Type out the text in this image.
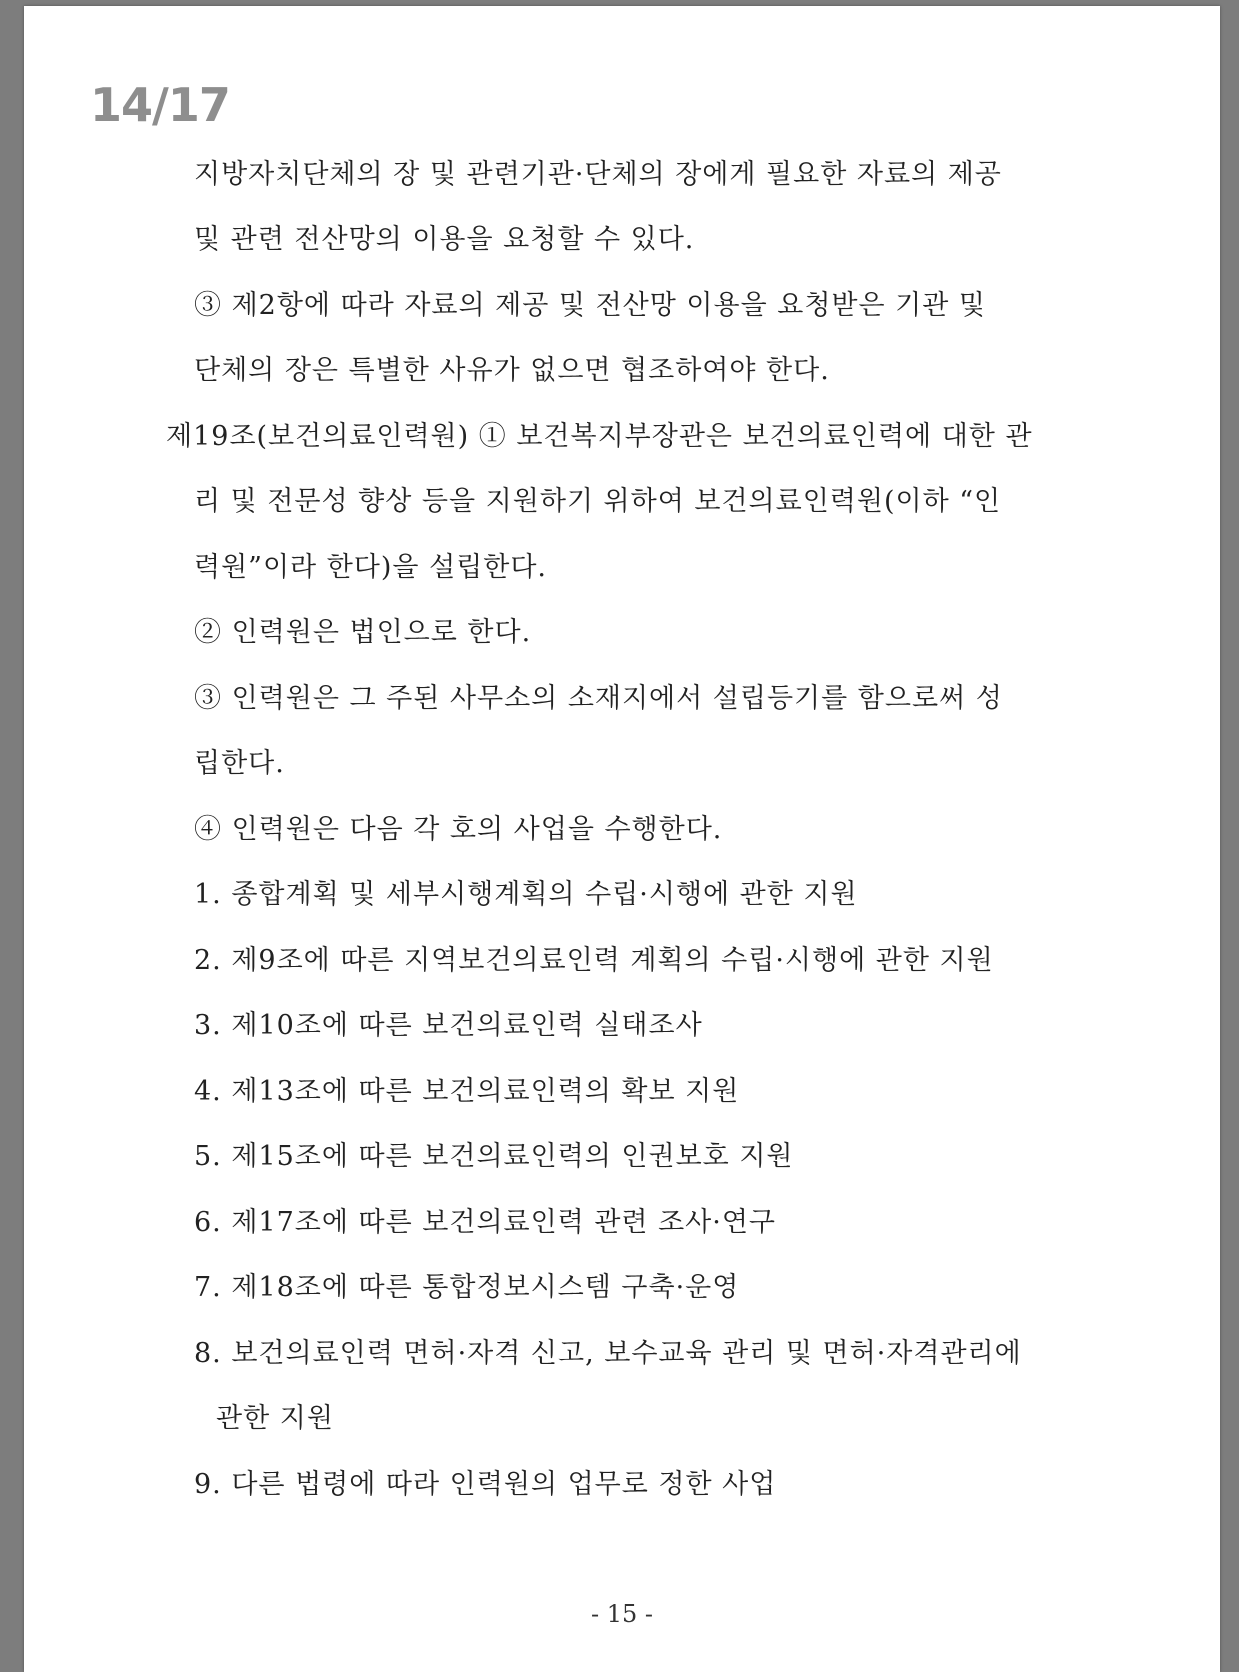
14/17
지방자치단체의 장 및 관련기관·단체의 장에게 필요한 자료의 제공
및 관련 전산망의 이용을 요청할 수 있다.
③ 제2항에 따라 자료의 제공 및 전산망 이용을 요청받은 기관 및
단체의 장은 특별한 사유가 없으면 협조하여야 한다.
제19조(보건의료인력원) ① 보건복지부장관은 보건의료인력에 대한 관
리 및 전문성 향상 등을 지원하기 위하여 보건의료인력원(이하 “인
력원”이라 한다)을 설립한다.
② 인력원은 법인으로 한다.
③ 인력원은 그 주된 사무소의 소재지에서 설립등기를 함으로써 성
립한다.
④ 인력원은 다음 각 호의 사업을 수행한다.
1. 종합계획 및 세부시행계획의 수립·시행에 관한 지원
2. 제9조에 따른 지역보건의료인력 계획의 수립·시행에 관한 지원
3. 제10조에 따른 보건의료인력 실태조사
4. 제13조에 따른 보건의료인력의 확보 지원
5. 제15조에 따른 보건의료인력의 인권보호 지원
6. 제17조에 따른 보건의료인력 관련 조사·연구
7. 제18조에 따른 통합정보시스템 구축·운영
8. 보건의료인력 면허·자격 신고, 보수교육 관리 및 면허·자격관리에
관한 지원
9. 다른 법령에 따라 인력원의 업무로 정한 사업
- 15 -
